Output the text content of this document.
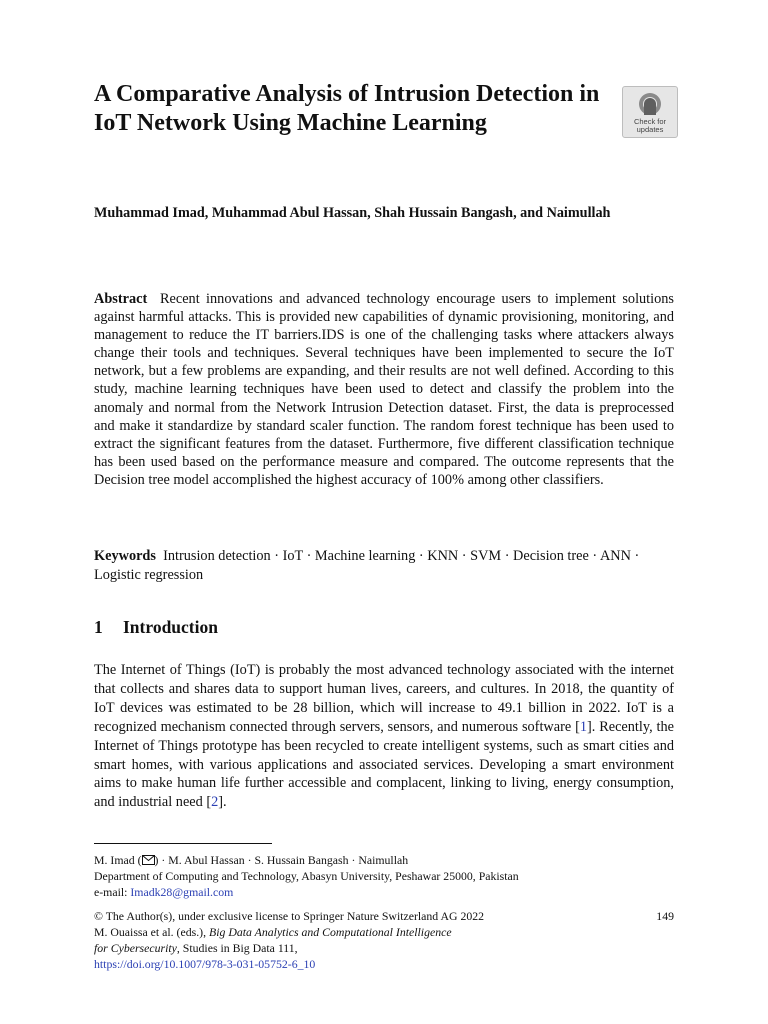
A Comparative Analysis of Intrusion Detection in IoT Network Using Machine Learning	Check for
updates
Muhammad Imad, Muhammad Abul Hassan, Shah Hussain Bangash, and Naimullah

Abstract Recent innovations and advanced technology encourage users to implement solutions against harmful attacks. This is provided new capabilities of dynamic provisioning, monitoring, and management to reduce the IT barriers.IDS is one of the challenging tasks where attackers always change their tools and techniques. Several techniques have been implemented to secure the IoT network, but a few problems are expanding, and their results are not well defined. According to this study, machine learning techniques have been used to detect and classify the problem into the anomaly and normal from the Network Intrusion Detection dataset. First, the data is preprocessed and make it standardize by standard scaler function. The random forest technique has been used to extract the significant features from the dataset. Furthermore, five different classification technique has been used based on the performance measure and compared. The outcome represents that the Decision tree model accomplished the highest accuracy of 100% among other classifiers.

Keywords Intrusion detection · IoT · Machine learning · KNN · SVM · Decision tree · ANN · Logistic regression
1 Introduction

The Internet of Things (IoT) is probably the most advanced technology associated with the internet that collects and shares data to support human lives, careers, and cultures. In 2018, the quantity of IoT devices was estimated to be 28 billion, which will increase to 49.1 billion in 2022. IoT is a recognized mechanism connected through servers, sensors, and numerous software [1]. Recently, the Internet of Things prototype has been recycled to create intelligent systems, such as smart cities and smart homes, with various applications and associated services. Developing a smart environment aims to make human life further accessible and complacent, linking to living, energy consumption, and industrial need [2].

M. Imad ( ) · M. Abul Hassan · S. Hussain Bangash · Naimullah
Department of Computing and Technology, Abasyn University, Peshawar 25000, Pakistan
e-mail: Imadk28@gmail.com
© The Author(s), under exclusive license to Springer Nature Switzerland AG 2022	149
M. Ouaissa et al. (eds.), Big Data Analytics and Computational Intelligence
for Cybersecurity, Studies in Big Data 111,
https://doi.org/10.1007/978-3-031-05752-6_10
